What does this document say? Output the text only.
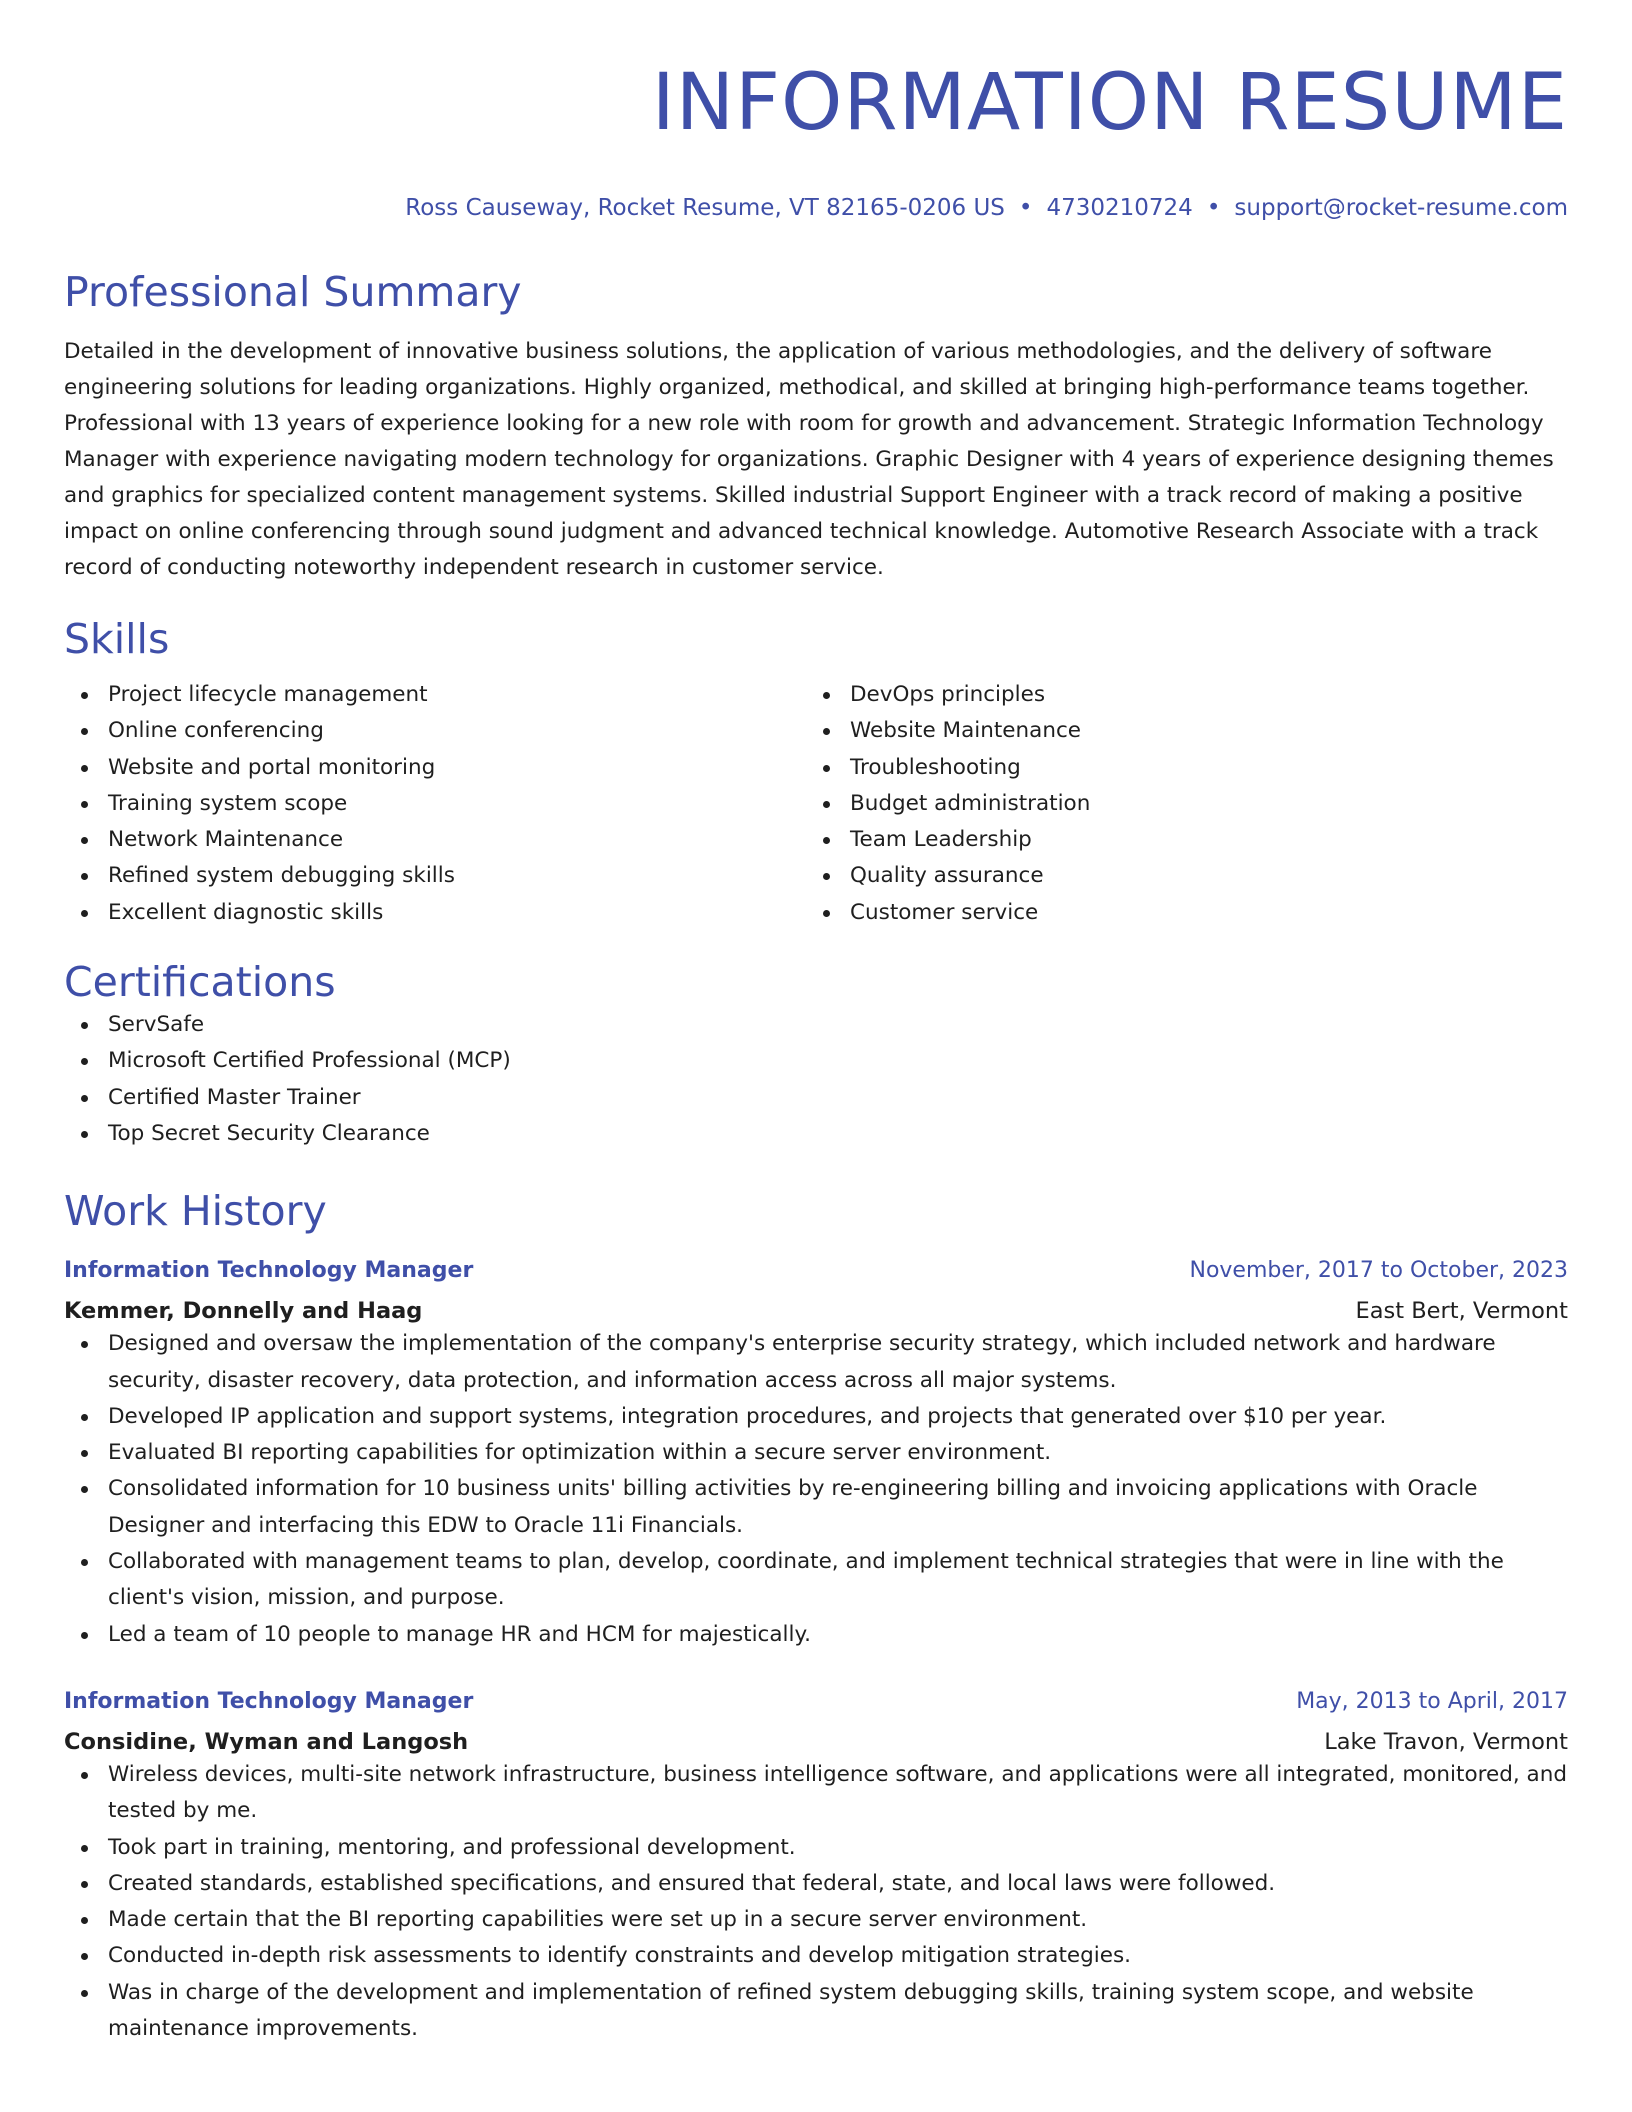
INFORMATION RESUME
Ross Causeway, Rocket Resume, VT 82165-0206 US • 4730210724 • support@rocket-resume.com
Professional Summary
Detailed in the development of innovative business solutions, the application of various methodologies, and the delivery of software engineering solutions for leading organizations. Highly organized, methodical, and skilled at bringing high-performance teams together. Professional with 13 years of experience looking for a new role with room for growth and advancement. Strategic Information Technology Manager with experience navigating modern technology for organizations. Graphic Designer with 4 years of experience designing themes and graphics for specialized content management systems. Skilled industrial Support Engineer with a track record of making a positive impact on online conferencing through sound judgment and advanced technical knowledge. Automotive Research Associate with a track record of conducting noteworthy independent research in customer service.
Skills
Project lifecycle management
Online conferencing
Website and portal monitoring
Training system scope
Network Maintenance
Refined system debugging skills
Excellent diagnostic skills
DevOps principles
Website Maintenance
Troubleshooting
Budget administration
Team Leadership
Quality assurance
Customer service
Certifications
ServSafe
Microsoft Certified Professional (MCP)
Certified Master Trainer
Top Secret Security Clearance
Work History
Information Technology Manager	November, 2017 to October, 2023
Kemmer, Donnelly and Haag	East Bert, Vermont
Designed and oversaw the implementation of the company's enterprise security strategy, which included network and hardware security, disaster recovery, data protection, and information access across all major systems.
Developed IP application and support systems, integration procedures, and projects that generated over $10 per year.
Evaluated BI reporting capabilities for optimization within a secure server environment.
Consolidated information for 10 business units' billing activities by re-engineering billing and invoicing applications with Oracle Designer and interfacing this EDW to Oracle 11i Financials.
Collaborated with management teams to plan, develop, coordinate, and implement technical strategies that were in line with the client's vision, mission, and purpose.
Led a team of 10 people to manage HR and HCM for majestically.
Information Technology Manager	May, 2013 to April, 2017
Considine, Wyman and Langosh	Lake Travon, Vermont
Wireless devices, multi-site network infrastructure, business intelligence software, and applications were all integrated, monitored, and tested by me.
Took part in training, mentoring, and professional development.
Created standards, established specifications, and ensured that federal, state, and local laws were followed.
Made certain that the BI reporting capabilities were set up in a secure server environment.
Conducted in-depth risk assessments to identify constraints and develop mitigation strategies.
Was in charge of the development and implementation of refined system debugging skills, training system scope, and website maintenance improvements.
